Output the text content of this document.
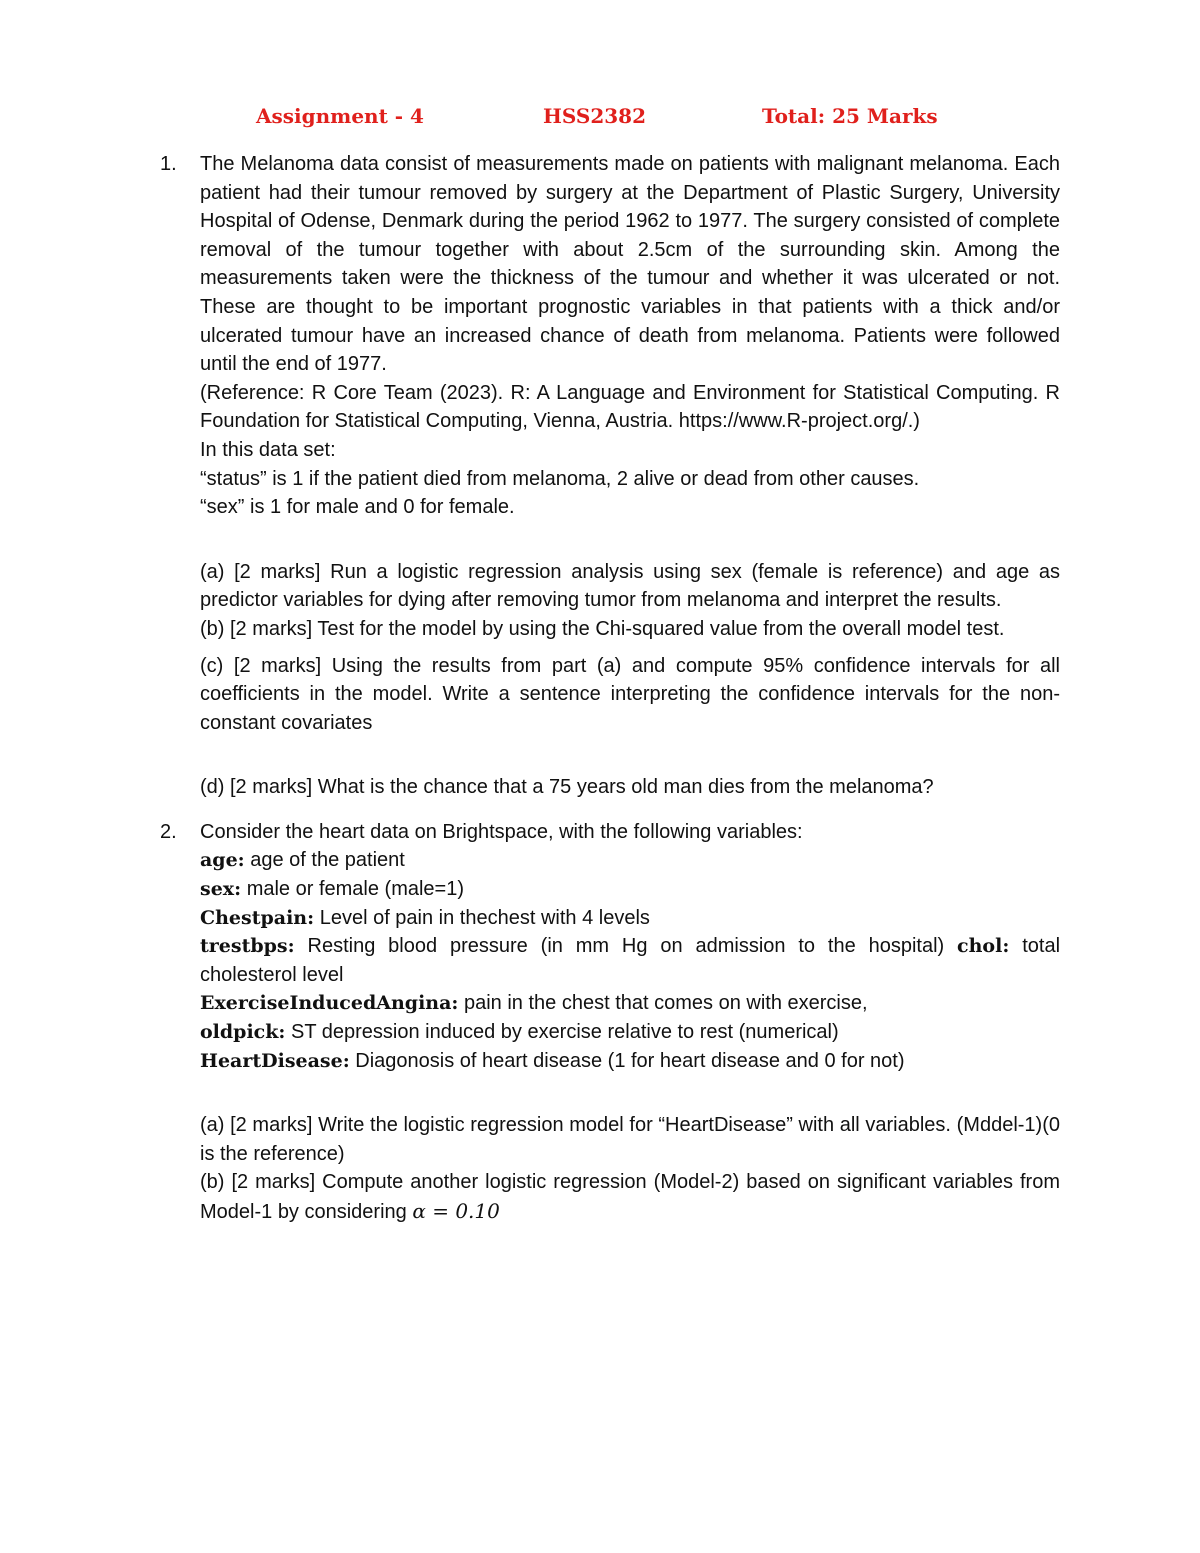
Assignment - 4	HSS2382	Total: 25 Marks
1. The Melanoma data consist of measurements made on patients with malignant melanoma. Each patient had their tumour removed by surgery at the Department of Plastic Surgery, University Hospital of Odense, Denmark during the period 1962 to 1977. The surgery consisted of complete removal of the tumour together with about 2.5cm of the surrounding skin. Among the measurements taken were the thickness of the tumour and whether it was ulcerated or not. These are thought to be important prognostic variables in that patients with a thick and/or ulcerated tumour have an increased chance of death from melanoma. Patients were followed until the end of 1977.

(Reference: R Core Team (2023). R: A Language and Environment for Statistical Computing. R Foundation for Statistical Computing, Vienna, Austria. https://www.R-project.org/.)

In this data set:
“status” is 1 if the patient died from melanoma, 2 alive or dead from other causes.
“sex” is 1 for male and 0 for female.

(a) [2 marks] Run a logistic regression analysis using sex (female is reference) and age as predictor variables for dying after removing tumor from melanoma and interpret the results.

(b) [2 marks] Test for the model by using the Chi-squared value from the overall model test.

(c) [2 marks] Using the results from part (a) and compute 95% confidence intervals for all coefficients in the model. Write a sentence interpreting the confidence intervals for the non-constant covariates

(d) [2 marks] What is the chance that a 75 years old man dies from the melanoma?

2. Consider the heart data on Brightspace, with the following variables:
age: age of the patient
sex: male or female (male=1)
Chestpain: Level of pain in thechest with 4 levels

trestbps: Resting blood pressure (in mm Hg on admission to the hospital) chol: total cholesterol level

ExerciseInducedAngina: pain in the chest that comes on with exercise,
oldpick: ST depression induced by exercise relative to rest (numerical)
HeartDisease: Diagonosis of heart disease (1 for heart disease and 0 for not)

(a) [2 marks] Write the logistic regression model for “HeartDisease” with all variables. (Mddel-1)(0 is the reference)

(b) [2 marks] Compute another logistic regression (Model-2) based on significant variables from Model-1 by considering α = 0.10
